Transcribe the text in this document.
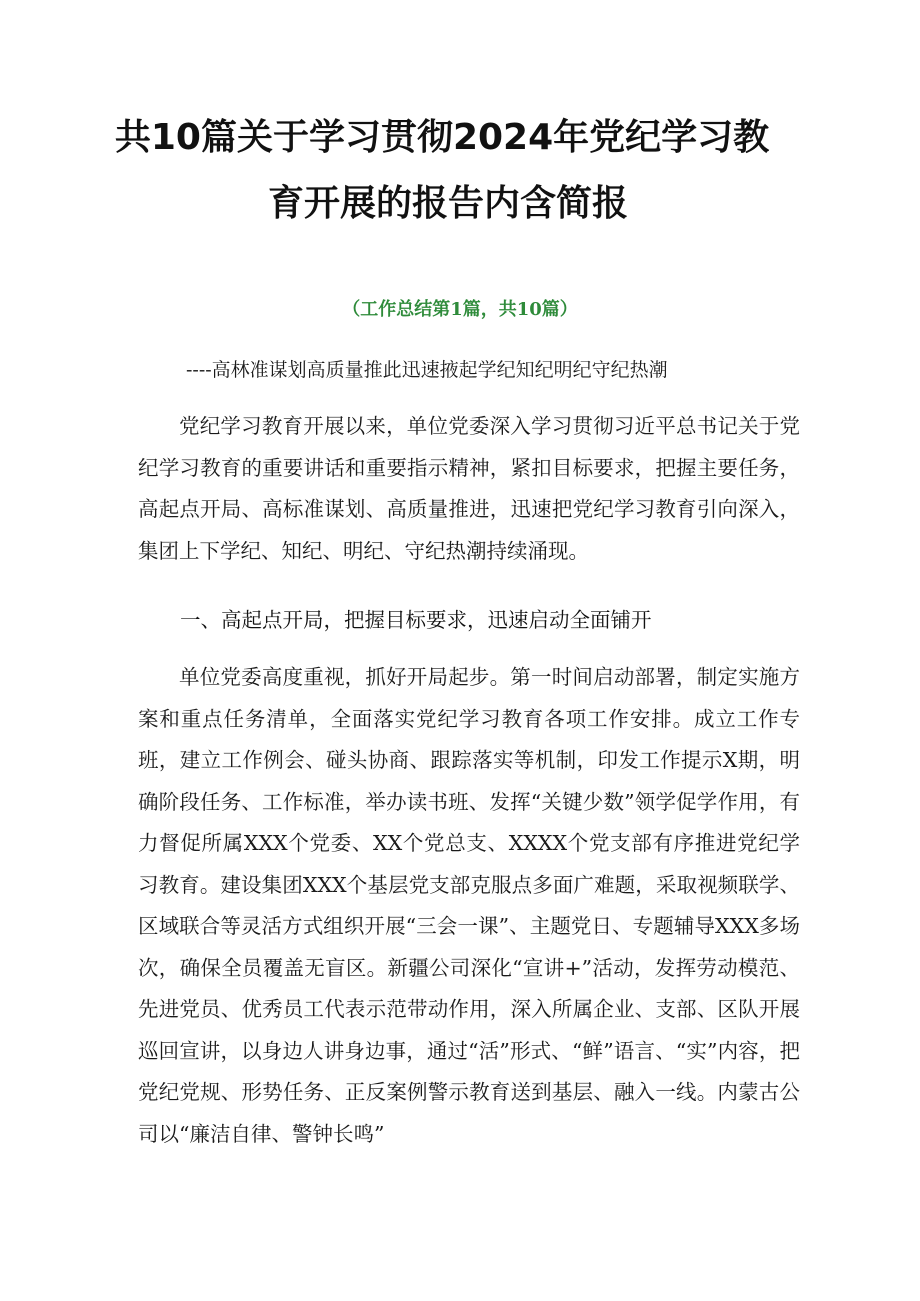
共10篇关于学习贯彻2024年党纪学习教
育开展的报告内含简报
（工作总结第1篇，共10篇）
----高林准谋划高质量推此迅速掖起学纪知纪明纪守纪热潮

党纪学习教育开展以来，单位党委深入学习贯彻习近平总书记关于党纪学习教育的重要讲话和重要指示精神，紧扣目标要求，把握主要任务，高起点开局、高标准谋划、高质量推进，迅速把党纪学习教育引向深入，集团上下学纪、知纪、明纪、守纪热潮持续涌现。

一、高起点开局，把握目标要求，迅速启动全面铺开

单位党委高度重视，抓好开局起步。第一时间启动部署，制定实施方案和重点任务清单，全面落实党纪学习教育各项工作安排。成立工作专班，建立工作例会、碰头协商、跟踪落实等机制，印发工作提示X期，明确阶段任务、工作标准，举办读书班、发挥“关键少数”领学促学作用，有力督促所属XXX个党委、XX个党总支、XXXX个党支部有序推进党纪学习教育。建设集团XXX个基层党支部克服点多面广难题，采取视频联学、区域联合等灵活方式组织开展“三会一课”、主题党日、专题辅导XXX多场次，确保全员覆盖无盲区。新疆公司深化“宣讲+”活动，发挥劳动模范、先进党员、优秀员工代表示范带动作用，深入所属企业、支部、区队开展巡回宣讲，以身边人讲身边事，通过“活”形式、“鲜”语言、“实”内容，把党纪党规、形势任务、正反案例警示教育送到基层、融入一线。内蒙古公司以“廉洁自律、警钟长鸣”
